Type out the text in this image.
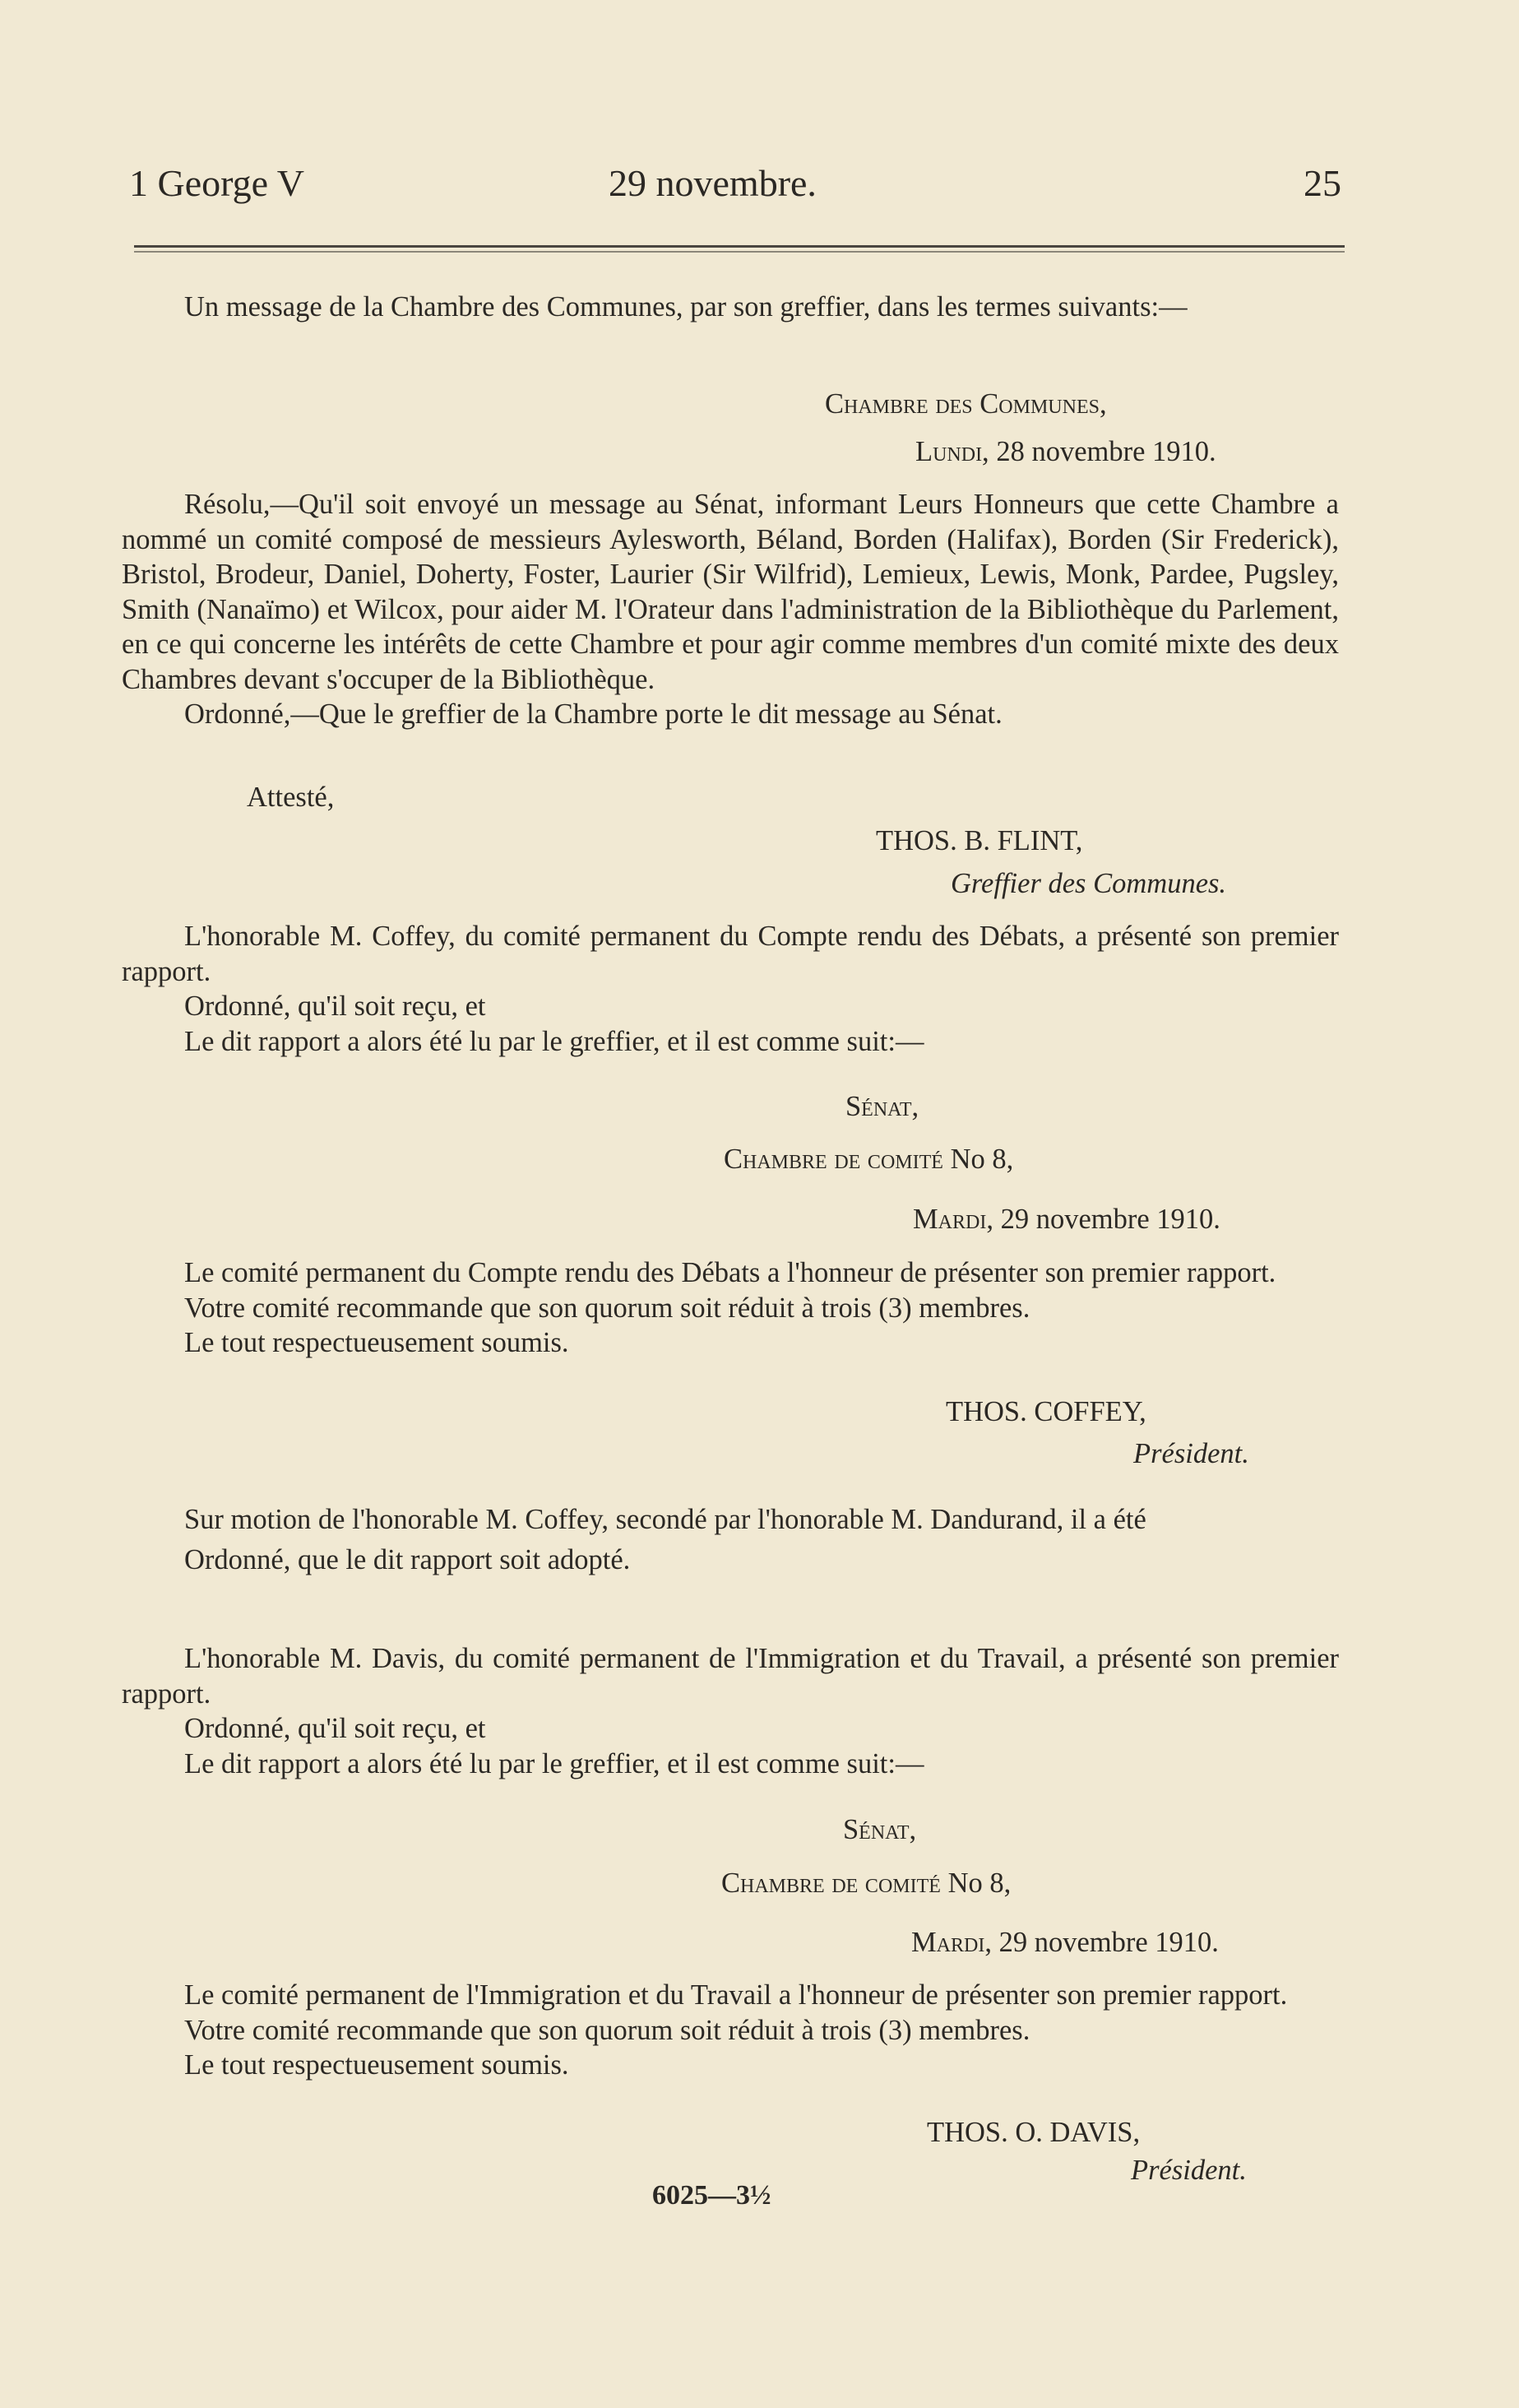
1 George V	29 novembre.	25

Un message de la Chambre des Communes, par son greffier, dans les termes suivants:—

Chambre des Communes,
Lundi, 28 novembre 1910.

Résolu,—Qu'il soit envoyé un message au Sénat, informant Leurs Honneurs que cette Chambre a nommé un comité composé de messieurs Aylesworth, Béland, Borden (Halifax), Borden (Sir Frederick), Bristol, Brodeur, Daniel, Doherty, Foster, Laurier (Sir Wilfrid), Lemieux, Lewis, Monk, Pardee, Pugsley, Smith (Nanaïmo) et Wilcox, pour aider M. l'Orateur dans l'administration de la Bibliothèque du Parlement, en ce qui concerne les intérêts de cette Chambre et pour agir comme membres d'un comité mixte des deux Chambres devant s'occuper de la Bibliothèque.

Ordonné,—Que le greffier de la Chambre porte le dit message au Sénat.

Attesté,
THOS. B. FLINT,
Greffier des Communes.

L'honorable M. Coffey, du comité permanent du Compte rendu des Débats, a présenté son premier rapport.

Ordonné, qu'il soit reçu, et

Le dit rapport a alors été lu par le greffier, et il est comme suit:—

Sénat,
Chambre de comité No 8,
Mardi, 29 novembre 1910.

Le comité permanent du Compte rendu des Débats a l'honneur de présenter son premier rapport.

Votre comité recommande que son quorum soit réduit à trois (3) membres.

Le tout respectueusement soumis.

THOS. COFFEY,
Président.

Sur motion de l'honorable M. Coffey, secondé par l'honorable M. Dandurand, il a été

Ordonné, que le dit rapport soit adopté.

L'honorable M. Davis, du comité permanent de l'Immigration et du Travail, a présenté son premier rapport.

Ordonné, qu'il soit reçu, et

Le dit rapport a alors été lu par le greffier, et il est comme suit:—

Sénat,
Chambre de comité No 8,
Mardi, 29 novembre 1910.

Le comité permanent de l'Immigration et du Travail a l'honneur de présenter son premier rapport.

Votre comité recommande que son quorum soit réduit à trois (3) membres.

Le tout respectueusement soumis.

THOS. O. DAVIS,
Président.
6025—3½
